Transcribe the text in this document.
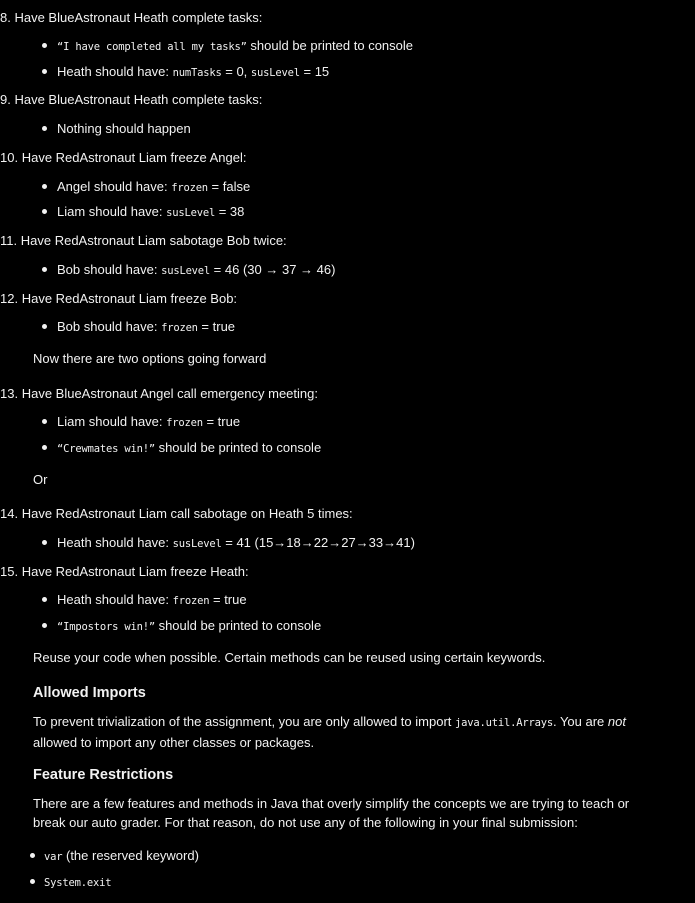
8. Have BlueAstronaut Heath complete tasks:
“I have completed all my tasks” should be printed to console
Heath should have: numTasks = 0, susLevel = 15
9. Have BlueAstronaut Heath complete tasks:
Nothing should happen
10. Have RedAstronaut Liam freeze Angel:
Angel should have: frozen = false
Liam should have: susLevel = 38
11. Have RedAstronaut Liam sabotage Bob twice:
Bob should have: susLevel = 46 (30 → 37 → 46)
12. Have RedAstronaut Liam freeze Bob:
Bob should have: frozen = true
Now there are two options going forward
13. Have BlueAstronaut Angel call emergency meeting:
Liam should have: frozen = true
“Crewmates win!” should be printed to console
Or
14. Have RedAstronaut Liam call sabotage on Heath 5 times:
Heath should have: susLevel = 41 (15→18→22→27→33→41)
15. Have RedAstronaut Liam freeze Heath:
Heath should have: frozen = true
“Impostors win!” should be printed to console
Reuse your code when possible. Certain methods can be reused using certain keywords.
Allowed Imports
To prevent trivialization of the assignment, you are only allowed to import java.util.Arrays. You are not allowed to import any other classes or packages.
Feature Restrictions
There are a few features and methods in Java that overly simplify the concepts we are trying to teach or break our auto grader. For that reason, do not use any of the following in your final submission:
var (the reserved keyword)
System.exit
